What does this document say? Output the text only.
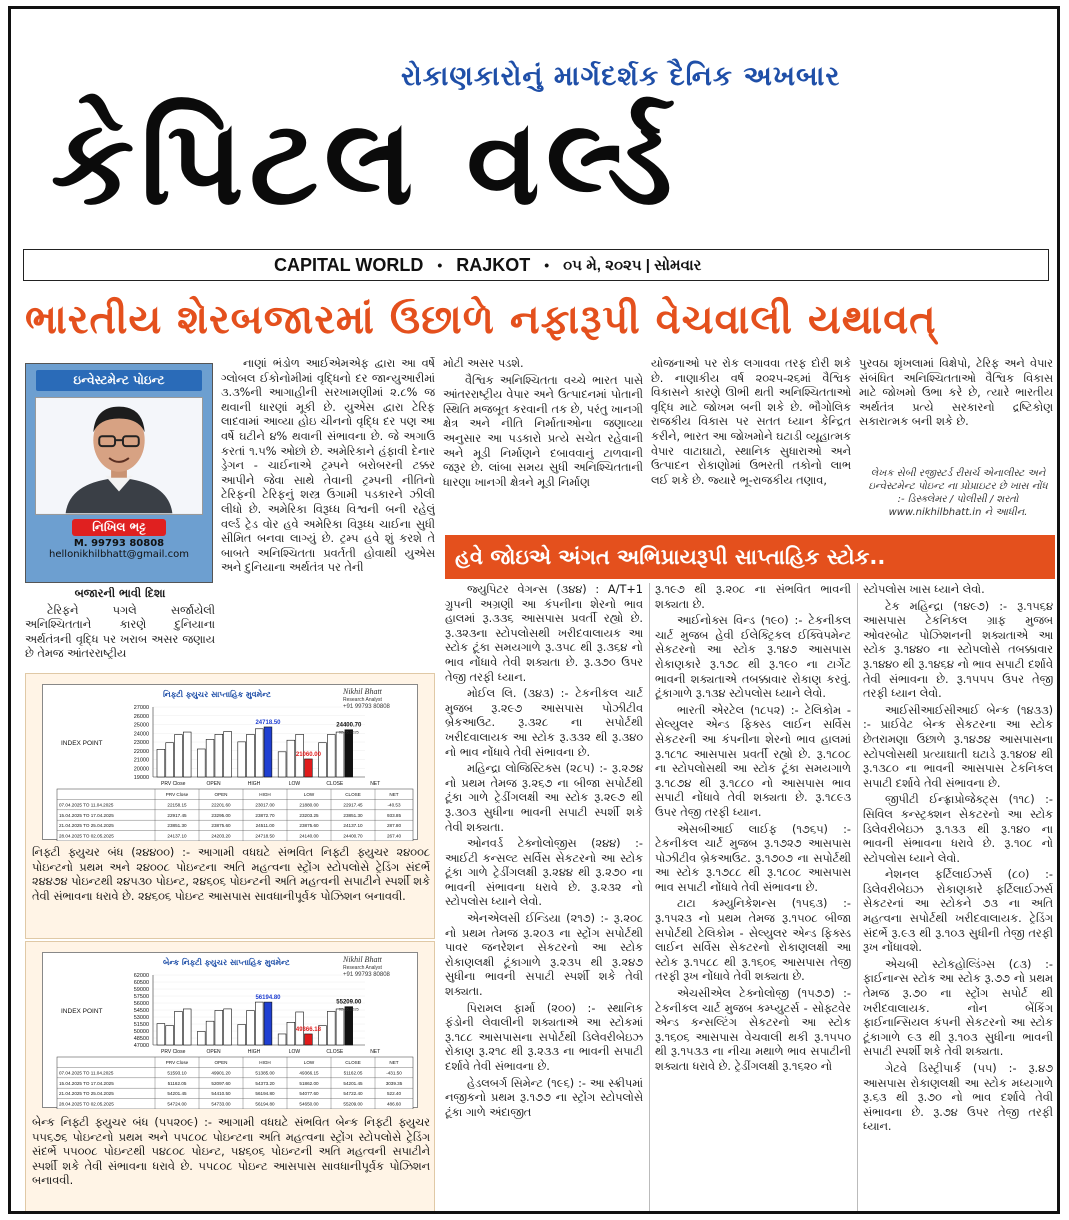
રોકાણકારોનું માર્ગદર્શક દૈનિક અખબાર
કેપિટલ વર્લ્ડ
CAPITAL WORLD • RAJKOT • ૦૫ મે, ૨૦૨૫ | સોમવાર
ભારતીય શેરબજારમાં ઉછાળે નફારૂપી વેચવાલી યથાવત્
ઇન્વેસ્ટમેન્ટ પોઇન્ટ
નિખિલ ભટ્ટ
M. 99793 80808
hellonikhilbhatt@gmail.com

બજારની ભાવી દિશા

ટેરિફને પગલે સર્જાયેલી અનિશ્ચિતતાને કારણે દુનિયાના અર્થતંત્રની વૃદ્ધિ પર ખરાબ અસર જણાય છે તેમજ આંતરરાષ્ટ્રીય

નાણાં ભંડોળ આઈએમએફ દ્વારા આ વર્ષે ગ્લોબલ ઈકોનોમીમાં વૃદ્ધિનો દર જાન્યુઆરીમાં ૩.૩%ની આગાહીની સરખામણીમાં ૨.૮% જ થવાની ધારણાં મૂકી છે. યુએસ દ્વારા ટેરિફ લાદવામાં આવ્યા હોઇ ચીનનો વૃદ્ધિ દર પણ આ વર્ષે ઘટીને ૪% થવાની સંભાવના છે. જે અગાઉ કરતાં ૧.૫% ઓછો છે. અમેરિકાને હંફાવી દેનાર ડ્રેગન - ચાઈનાએ ટ્રમ્પને બરોબરની ટક્કર આપીને જેવા સાથે તેવાની ટ્રમ્પની નીતિનો ટેરિફની ટેરિફનું શસ્ત્ર ઉગામી પડકારને ઝીલી લીધો છે. અમેરિકા વિરૂધ્ધ વિશ્વની બની રહેલું વર્લ્ડ ટ્રેડ વોર હવે અમેરિકા વિરૂધ્ધ ચાઈના સુધી સીમિત બનવા લાગ્યું છે. ટ્રમ્પ હવે શું કરશે તે બાબતે અનિશ્ચિતતા પ્રવર્તતી હોવાથી યુએસ અને દુનિયાના અર્થતંત્ર પર તેની

મોટી અસર પડશે.

વૈશ્વિક અનિશ્ચિતતા વચ્ચે ભારત પાસે આંતરરાષ્ટ્રીય વેપાર અને ઉત્પાદનમાં પોતાની સ્થિતિ મજબૂત કરવાની તક છે, પરંતુ ખાનગી ક્ષેત્ર અને નીતિ નિર્માતાઓના જણાવ્યા અનુસાર આ પડકારો પ્રત્યે સચેત રહેવાની અને મૂડી નિર્માણને દબાવવાનું ટાળવાની જરૂર છે. લાંબા સમય સુધી અનિશ્ચિતતાની ધારણા ખાનગી ક્ષેત્રને મૂડી નિર્માણ

યોજનાઓ પર રોક લગાવવા તરફ દોરી શકે છે. નાણાકીય વર્ષ ૨૦૨૫-૨૬માં વૈશ્વિક વિકાસને કારણે ઊભી થતી અનિશ્ચિતતાઓ વૃદ્ધિ માટે જોખમ બની શકે છે. ભૌગોલિક રાજકીય વિકાસ પર સતત ધ્યાન કેન્દ્રિત કરીને, ભારત આ જોખમોને ઘટાડી વ્યૂહાત્મક વેપાર વાટાઘાટો, સ્થાનિક સુધારાઓ અને ઉત્પાદન રોકાણોમાં ઉભરતી તકોનો લાભ લઈ શકે છે. જ્યારે ભૂ-રાજકીય તણાવ,

પુરવઠા શૃંખલામાં વિક્ષેપો, ટેરિફ અને વેપાર સંબંધિત અનિશ્ચિતતાઓ વૈશ્વિક વિકાસ માટે જોખમો ઉભા કરે છે, ત્યારે ભારતીય અર્થતંત્ર પ્રત્યે સરકારનો દ્રષ્ટિકોણ સકારાત્મક બની શકે છે.

લેખક સેબી રજીસ્ટર્ડ રીસર્ચ એનાલીસ્ટ અને ઇન્વેસ્ટમેન્ટ પોઇન્ટ ના પ્રોપ્રાઇટર છે ખાસ નોંધ :- ડિસ્ક્લેમર / પોલીસી / શરતો www.nikhilbhatt.in ને આધીન.
હવે જોઇએ અંગત અભિપ્રાયરૂપી સાપ્તાહિક સ્ટોક..

જ્યુપિટર વેગન્સ (૩૪૪) : A/T+1 ગ્રુપની અગ્રણી આ કંપનીના શેરનો ભાવ હાલમાં રૂ.૩૩૬ આસપાસ પ્રવર્તી રહ્યો છે. રૂ.૩૨૩ના સ્ટોપલોસથી ખરીદવાલાયક આ સ્ટોક ટૂંકા સમયગાળે રૂ.૩૫૮ થી રૂ.૩૬૪ નો ભાવ નોંધાવે તેવી શક્યતા છે. રૂ.૩૭૦ ઉપર તેજી તરફી ધ્યાન.

મોઈલ લિ. (૩૪૩) :- ટેકનીકલ ચાર્ટ મુજબ રૂ.૨૯૭ આસપાસ પોઝીટીવ બ્રેકઆઉટ. રૂ.૩૨૮ ના સપોર્ટથી ખરીદવાલાયક આ સ્ટોક રૂ.૩૩૨ થી રૂ.૩૪૦ નો ભાવ નોંધાવે તેવી સંભાવના છે.

મહિન્દ્રા લોજિસ્ટિક્સ (૨૮૫) :- રૂ.૨૭૪ નો પ્રથમ તેમજ રૂ.૨૬૭ ના બીજા સપોર્ટથી ટૂંકા ગાળે ટ્રેડીંગલક્ષી આ સ્ટોક રૂ.૨૯૭ થી રૂ.૩૦૩ સુધીના ભાવની સપાટી સ્પર્શી શકે તેવી શક્યતા.

ઓનવર્ડ ટેક્નોલોજીસ (૨૪૪) :- આઈટી કન્સલ્ટ સર્વિસ સેકટરનો આ સ્ટોક ટૂંકા ગાળે ટ્રેડીંગલક્ષી રૂ.૨૪૪ થી રૂ.૨૭૦ ના ભાવની સંભાવના ધરાવે છે. રૂ.૨૩૨ નો સ્ટોપલોસ ધ્યાને લેવો.

એનએલસી ઈન્ડિયા (૨૧૭) :- રૂ.૨૦૮ નો પ્રથમ તેમજ રૂ.૨૦૩ ના સ્ટ્રોંગ સપોર્ટથી પાવર જનરેશન સેકટરનો આ સ્ટોક રોકાણલક્ષી ટૂંકાગાળે રૂ.૨૩૫ થી રૂ.૨૪૭ સુધીના ભાવની સપાટી સ્પર્શી શકે તેવી શક્યતા.

પિરામલ ફાર્મા (૨૦૦) :- સ્થાનિક ફંડોની લેવાલીની શક્યતાએ આ સ્ટોકમાં રૂ.૧૮૮ આસપાસના સપોર્ટથી ડિલેવરીબેઇઝ રોકાણ રૂ.૨૧૮ થી રૂ.૨૩૩ ના ભાવની સપાટી દર્શાવે તેવી સંભાવના છે.

હેડલબર્ગ સિમેન્ટ (૧૯૬) :- આ સ્ક્રીપમાં નજીકનો પ્રથમ રૂ.૧૭૭ ના સ્ટ્રોંગ સ્ટોપલોસે ટૂંકા ગાળે અંદાજીત

રૂ.૧૯૭ થી રૂ.૨૦૮ ના સંભવિત ભાવની શક્યતા છે.

આઈનોક્સ વિન્ડ (૧૯૦) :- ટેકનીકલ ચાર્ટ મુજબ હેવી ઈલેક્ટ્રિકલ ઈક્વિપમેન્ટ સેકટરનો આ સ્ટોક રૂ.૧૪૭ આસપાસ રોકાણકારે રૂ.૧૭૮ થી રૂ.૧૯૦ ના ટાર્ગેટ ભાવની શક્યતાએ તબક્કાવાર રોકાણ કરવું. ટૂંકાગાળે રૂ.૧૩૪ સ્ટોપલોસ ધ્યાને લેવો.

ભારતી એરટેલ (૧૮૫૨) :- ટેલિકોમ - સેલ્યુલર એન્ડ ફિક્સ્ડ લાઈન સર્વિસ સેકટરની આ કંપનીના શેરનો ભાવ હાલમાં રૂ.૧૮૧૮ આસપાસ પ્રવર્તી રહ્યો છે. રૂ.૧૮૦૮ ના સ્ટોપલોસથી આ સ્ટોક ટૂંકા સમયગાળે રૂ.૧૮૭૪ થી રૂ.૧૮૮૦ નો આસપાસ ભાવ સપાટી નોંધાવે તેવી શક્યતા છે. રૂ.૧૮૯૩ ઉપર તેજી તરફી ધ્યાન.

એસબીઆઈ લાઈફ (૧૭૬૫) :- ટેકનીકલ ચાર્ટ મુજબ રૂ.૧૭૨૭ આસપાસ પોઝીટીવ બ્રેકઆઉટ. રૂ.૧૭૦૭ ના સપોર્ટથી આ સ્ટોક રૂ.૧૭૮૮ થી રૂ.૧૮૦૮ આસપાસ ભાવ સપાટી નોંધાવે તેવી સંભાવના છે.

ટાટા કમ્યુનિકેશન્સ (૧૫૬૩) :- રૂ.૧૫૨૩ નો પ્રથમ તેમજ રૂ.૧૫૦૮ બીજા સપોર્ટથી ટેલિકોમ - સેલ્યુલર એન્ડ ફિક્સ્ડ લાઈન સર્વિસ સેકટરનો રોકાણલક્ષી આ સ્ટોક રૂ.૧૫૮૮ થી રૂ.૧૬૦૬ આસપાસ તેજી તરફી રૂખ નોંધાવે તેવી શક્યતા છે.

એચસીએલ ટેક્નોલોજી (૧૫૭૭) :- ટેકનીકલ ચાર્ટ મુજબ કમ્પ્યુટર્સ - સોફ્ટવેર એન્ડ કન્સલ્ટિંગ સેકટરનો આ સ્ટોક રૂ.૧૬૦૬ આસપાસ વેચવાલી થકી રૂ.૧૫૫૦ થી રૂ.૧૫૩૩ ના નીચા મથાળે ભાવ સપાટીની શક્યતા ધરાવે છે. ટ્રેડીંગલક્ષી રૂ.૧૬૨૦ નો

સ્ટોપલોસ ખાસ ધ્યાને લેવો.

ટેક મહિન્દ્રા (૧૪૯૭) :- રૂ.૧૫૬૪ આસપાસ ટેકનિકલ ગ્રાફ મુજબ ઓવરબોટ પોઝિશનની શક્યતાએ આ સ્ટોક રૂ.૧૪૪૦ ના સ્ટોપલોસે તબક્કાવાર રૂ.૧૪૪૦ થી રૂ.૧૪૬૪ નો ભાવ સપાટી દર્શાવે તેવી સંભાવના છે. રૂ.૧૫૫૫ ઉપર તેજી તરફી ધ્યાન લેવો.

આઈસીઆઈસીઆઈ બેન્ક (૧૪૩૩) :- પ્રાઈવેટ બેન્ક સેકટરના આ સ્ટોક છેતરામણા ઉછાળે રૂ.૧૪૭૪ આસપાસના સ્ટોપલોસથી પ્રત્યાઘાતી ઘટાડે રૂ.૧૪૦૪ થી રૂ.૧૩૮૦ ના ભાવની આસપાસ ટેકનિકલ સપાટી દર્શાવે તેવી સંભાવના છે.

જીપીટી ઈન્ફ્રાપ્રોજેક્ટ્સ (૧૧૮) :- સિવિલ કન્સ્ટ્રક્શન સેકટરનો આ સ્ટોક ડિલેવરીબેઇઝ રૂ.૧૩૩ થી રૂ.૧૪૦ ના ભાવની સંભાવના ધરાવે છે. રૂ.૧૦૮ નો સ્ટોપલોસ ધ્યાને લેવો.

નેશનલ ફર્ટિલાઈઝર્સ (૮૦) :- ડિલેવરીબેઇઝ રોકાણકારે ફર્ટિલાઈઝર્સ સેકટરનાં આ સ્ટોકને ૭૩ ના અતિ મહત્વના સપોર્ટથી ખરીદવાલાયક. ટ્રેડિંગ સંદર્ભે રૂ.૯૩ થી રૂ.૧૦૩ સુધીની તેજી તરફી રૂખ નોંધાવશે.

એચબી સ્ટોકહોલ્ડિંગ્સ (૮૩) :- ફાઈનાન્સ સ્ટોક આ સ્ટોક રૂ.૭૭ નો પ્રથમ તેમજ રૂ.૭૦ ના સ્ટ્રોંગ સપોર્ટ થી ખરીદવાલાયક. નોન બેંકિંગ ફાઈનાન્સિયલ કંપની સેકટરનો આ સ્ટોક ટૂંકાગાળે ૯૩ થી રૂ.૧૦૩ સુધીના ભાવની સપાટી સ્પર્શી શકે તેવી શક્યતા.

ગેટવે ડિસ્ટ્રીપાર્ક (૫૫) :- રૂ.૪૭ આસપાસ રોકાણલક્ષી આ સ્ટોક મધ્યગાળે રૂ.૬૩ થી રૂ.૭૦ નો ભાવ દર્શાવે તેવી સંભાવના છે. રૂ.૭૪ ઉપર તેજી તરફી ધ્યાન.

નિફ્ટી ફ્યુચર સાપ્તાહિક મુવમેન્ટ	Nikhil Bhatt
Research Analyst
+91 99793 80808
INDEX POINT
19000
20000
21000
22000
23000
24000
25000
26000
27000
24718.50
21060.00
24400.70
02.05.2025
PRV Close	OPEN	HIGH	LOW	CLOSE	NET
PRV Close	OPEN	HIGH	LOW	CLOSE	NET
07.04.2025 TO 11.04.2025	22158.15	22201.60	23017.00	21880.00	22917.45	-40.53
15.04.2025 TO 17.04.2025	22917.45	23295.00	23872.70	23203.25	23851.30	933.85
21.04.2025 TO 25.04.2025	23851.30	23875.60	24511.00	23875.60	24137.10	287.80
28.04.2025 TO 02.05.2025	24137.10	24203.20	24718.50	24140.00	24400.70	267.40
નિફ્ટી ફ્યુચર બંધ (૨૪૪૦૦) :- આગામી વધઘટે સંભવિત નિફ્ટી ફ્યુચર ૨૪૦૦૮ પોઇન્ટનો પ્રથમ અને ૨૪૦૦૮ પોઇન્ટના અતિ મહત્વના સ્ટ્રોંગ સ્ટોપલોસે ટ્રેડિંગ સંદર્ભે ૨૪૪૭૪ પોઇન્ટથી ૨૪૫૩૦ પોઇન્ટ, ૨૪૬૦૬ પોઇન્ટની અતિ મહત્વની સપાટીને સ્પર્શી શકે તેવી સંભાવના ધરાવે છે. ૨૪૬૦૬ પોઇન્ટ આસપાસ સાવધાનીપૂર્વક પોઝિશન બનાવવી.
બેન્ક નિફ્ટી ફ્યુચર સાપ્તાહિક મુવમેન્ટ	Nikhil Bhatt
Research Analyst
+91 99793 80808
INDEX POINT
47000
48500
50000
51500
53000
54500
56000
57500
59000
60500
62000
56194.80
49366.18
55209.00
02.05.2025
PRV Close	OPEN	HIGH	LOW	CLOSE	NET
PRV Close	OPEN	HIGH	LOW	CLOSE	NET
07.04.2025 TO 11.04.2025	51593.10	49901.20	51385.00	49366.15	51162.05	-431.50
15.04.2025 TO 17.04.2025	51162.05	52097.60	54373.20	51862.00	54201.45	3039.35
21.04.2025 TO 25.04.2025	54201.45	54410.50	56194.80	54077.60	54722.40	522.40
28.04.2025 TO 02.05.2025	54724.00	54733.00	56194.80	54650.00	55209.00	486.60
બેન્ક નિફ્ટી ફ્યુચર બંધ (૫૫૨૦૯) :- આગામી વધઘટે સંભવિત બેન્ક નિફ્ટી ફ્યુચર ૫૫૬૭૬ પોઇન્ટનો પ્રથમ અને ૫૫૮૦૮ પોઇન્ટના અતિ મહત્વના સ્ટ્રોંગ સ્ટોપલોસે ટ્રેડિંગ સંદર્ભે ૫૫૦૦૮ પોઇન્ટથી ૫૪૮૦૮ પોઇન્ટ, ૫૪૬૦૬ પોઇન્ટની અતિ મહત્વની સપાટીને સ્પર્શી શકે તેવી સંભાવના ધરાવે છે. ૫૫૮૦૮ પોઇન્ટ આસપાસ સાવધાનીપૂર્વક પોઝિશન બનાવવી.
